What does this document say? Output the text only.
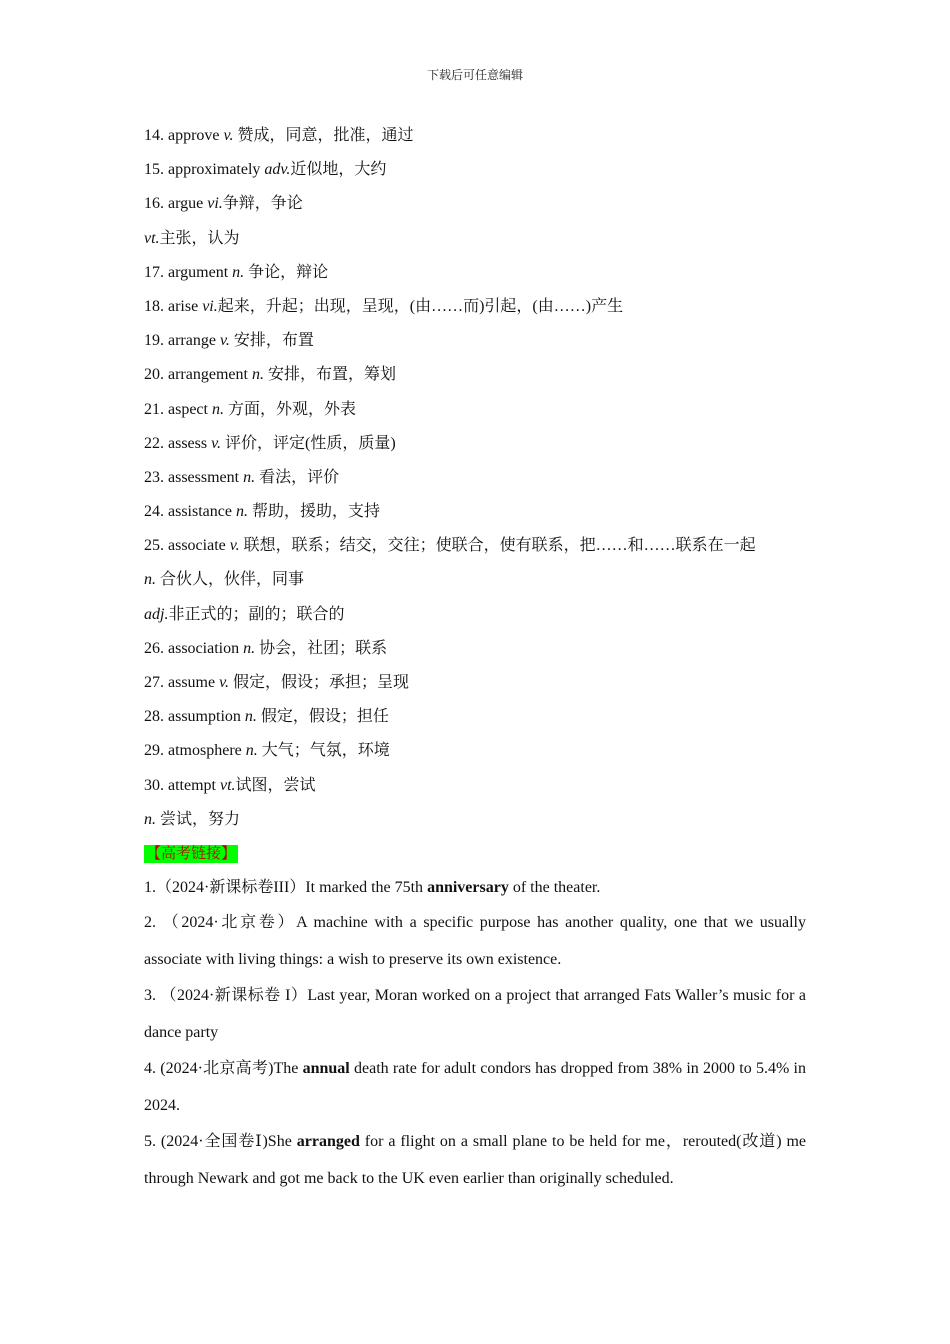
下载后可任意编辑
14. approve v. 赞成，同意，批准，通过
15. approximately adv.近似地，大约
16. argue vi.争辩，争论
vt.主张，认为
17. argument n. 争论，辩论
18. arise vi.起来，升起；出现，呈现，(由……而)引起，(由……)产生
19. arrange v. 安排，布置
20. arrangement n. 安排，布置，筹划
21. aspect n. 方面，外观，外表
22. assess v. 评价，评定(性质，质量)
23. assessment n. 看法，评价
24. assistance n. 帮助，援助，支持
25. associate v. 联想，联系；结交，交往；使联合，使有联系，把……和……联系在一起
n. 合伙人，伙伴，同事
adj.非正式的；副的；联合的
26. association n. 协会，社团；联系
27. assume v. 假定，假设；承担；呈现
28. assumption n. 假定，假设；担任
29. atmosphere n. 大气；气氛，环境
30. attempt vt.试图，尝试
n. 尝试，努力
【高考链接】
1.（2024·新课标卷III）It marked the 75th anniversary of the theater.
2. （2024·北京卷）A machine with a specific purpose has another quality, one that we usually associate with living things: a wish to preserve its own existence.
3. （2024·新课标卷 I）Last year, Moran worked on a project that arranged Fats Waller’s music for a dance party
4. (2024·北京高考)The annual death rate for adult condors has dropped from 38% in 2000 to 5.4% in 2024.
5. (2024·全国卷Ⅰ)She arranged for a flight on a small plane to be held for me，rerouted(改道) me through Newark and got me back to the UK even earlier than originally scheduled.
